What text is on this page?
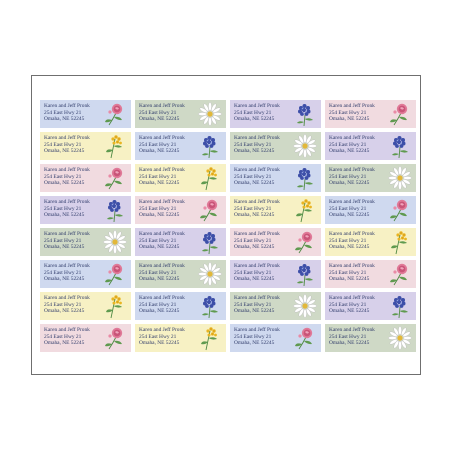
Karen and Jeff Pronk
254 East Hwy 21
Omaha, NE 52245
Karen and Jeff Pronk
254 East Hwy 21
Omaha, NE 52245
Karen and Jeff Pronk
254 East Hwy 21
Omaha, NE 52245
Karen and Jeff Pronk
254 East Hwy 21
Omaha, NE 52245
Karen and Jeff Pronk
254 East Hwy 21
Omaha, NE 52245
Karen and Jeff Pronk
254 East Hwy 21
Omaha, NE 52245
Karen and Jeff Pronk
254 East Hwy 21
Omaha, NE 52245
Karen and Jeff Pronk
254 East Hwy 21
Omaha, NE 52245
Karen and Jeff Pronk
254 East Hwy 21
Omaha, NE 52245
Karen and Jeff Pronk
254 East Hwy 21
Omaha, NE 52245
Karen and Jeff Pronk
254 East Hwy 21
Omaha, NE 52245
Karen and Jeff Pronk
254 East Hwy 21
Omaha, NE 52245
Karen and Jeff Pronk
254 East Hwy 21
Omaha, NE 52245
Karen and Jeff Pronk
254 East Hwy 21
Omaha, NE 52245
Karen and Jeff Pronk
254 East Hwy 21
Omaha, NE 52245
Karen and Jeff Pronk
254 East Hwy 21
Omaha, NE 52245
Karen and Jeff Pronk
254 East Hwy 21
Omaha, NE 52245
Karen and Jeff Pronk
254 East Hwy 21
Omaha, NE 52245
Karen and Jeff Pronk
254 East Hwy 21
Omaha, NE 52245
Karen and Jeff Pronk
254 East Hwy 21
Omaha, NE 52245
Karen and Jeff Pronk
254 East Hwy 21
Omaha, NE 52245
Karen and Jeff Pronk
254 East Hwy 21
Omaha, NE 52245
Karen and Jeff Pronk
254 East Hwy 21
Omaha, NE 52245
Karen and Jeff Pronk
254 East Hwy 21
Omaha, NE 52245
Karen and Jeff Pronk
254 East Hwy 21
Omaha, NE 52245
Karen and Jeff Pronk
254 East Hwy 21
Omaha, NE 52245
Karen and Jeff Pronk
254 East Hwy 21
Omaha, NE 52245
Karen and Jeff Pronk
254 East Hwy 21
Omaha, NE 52245
Karen and Jeff Pronk
254 East Hwy 21
Omaha, NE 52245
Karen and Jeff Pronk
254 East Hwy 21
Omaha, NE 52245
Karen and Jeff Pronk
254 East Hwy 21
Omaha, NE 52245
Karen and Jeff Pronk
254 East Hwy 21
Omaha, NE 52245
